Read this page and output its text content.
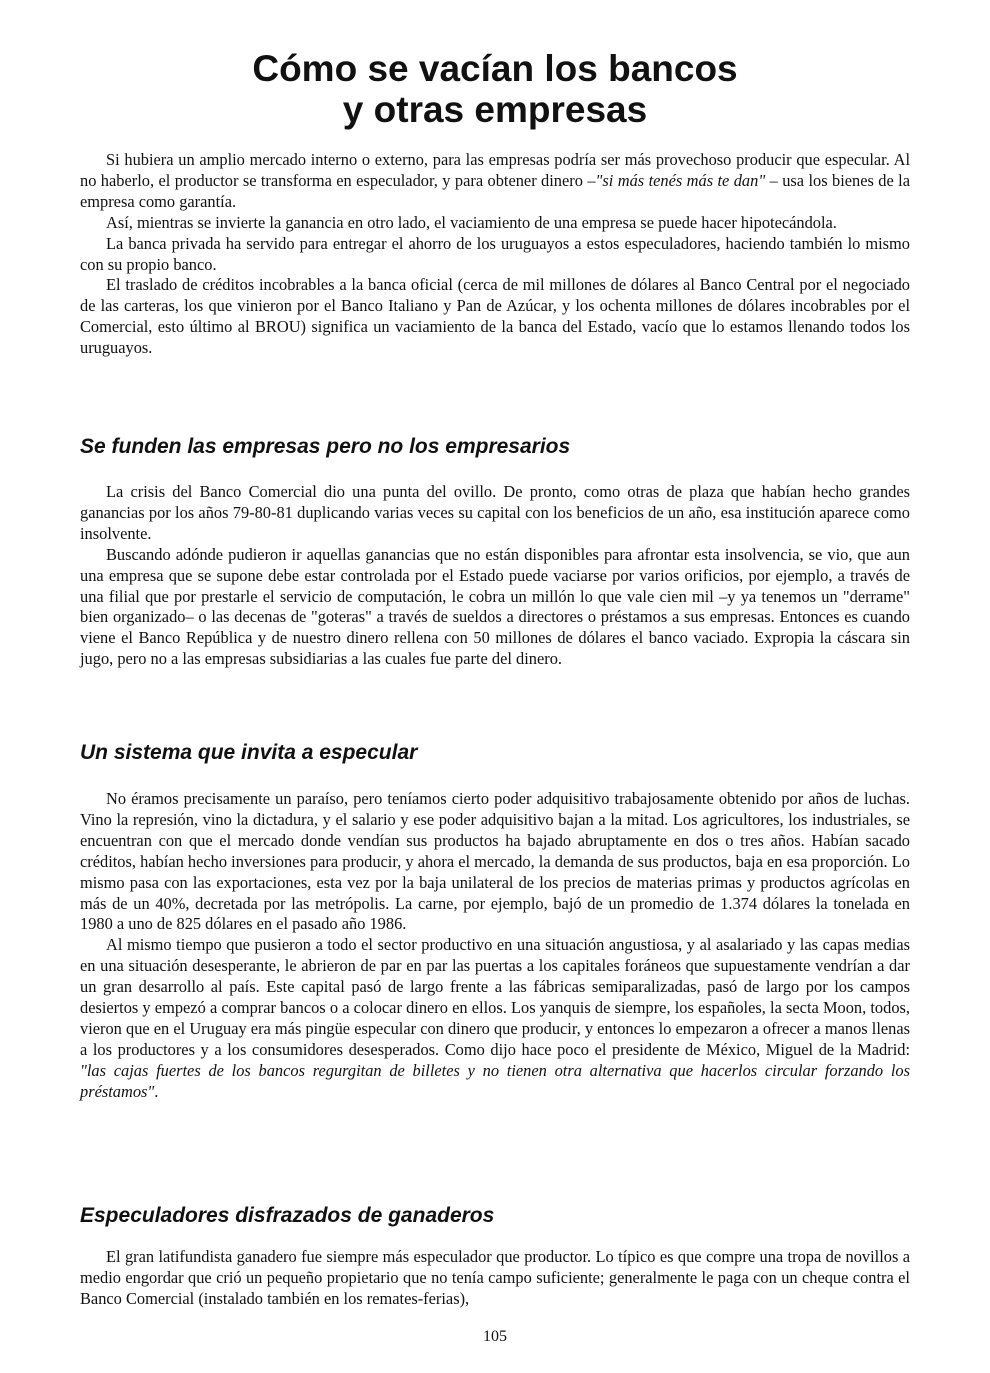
Cómo se vacían los bancos
y otras empresas

Si hubiera un amplio mercado interno o externo, para las empresas podría ser más provechoso producir que especular. Al no haberlo, el productor se transforma en especulador, y para obtener dinero –"si más tenés más te dan" – usa los bienes de la empresa como garantía.

Así, mientras se invierte la ganancia en otro lado, el vaciamiento de una empresa se puede hacer hipotecándola.

La banca privada ha servido para entregar el ahorro de los uruguayos a estos especuladores, haciendo también lo mismo con su propio banco.

El traslado de créditos incobrables a la banca oficial (cerca de mil millones de dólares al Banco Central por el negociado de las carteras, los que vinieron por el Banco Italiano y Pan de Azúcar, y los ochenta millones de dólares incobrables por el Comercial, esto último al BROU) significa un vaciamiento de la banca del Estado, vacío que lo estamos llenando todos los uruguayos.

Se funden las empresas pero no los empresarios

La crisis del Banco Comercial dio una punta del ovillo. De pronto, como otras de plaza que habían hecho grandes ganancias por los años 79-80-81 duplicando varias veces su capital con los beneficios de un año, esa institución aparece como insolvente.

Buscando adónde pudieron ir aquellas ganancias que no están disponibles para afrontar esta insolvencia, se vio, que aun una empresa que se supone debe estar controlada por el Estado puede vaciarse por varios orificios, por ejemplo, a través de una filial que por prestarle el servicio de computación, le cobra un millón lo que vale cien mil –y ya tenemos un "derrame" bien organizado– o las decenas de "goteras" a través de sueldos a directores o préstamos a sus empresas. Entonces es cuando viene el Banco República y de nuestro dinero rellena con 50 millones de dólares el banco vaciado. Expropia la cáscara sin jugo, pero no a las empresas subsidiarias a las cuales fue parte del dinero.

Un sistema que invita a especular

No éramos precisamente un paraíso, pero teníamos cierto poder adquisitivo trabajosamente obtenido por años de luchas. Vino la represión, vino la dictadura, y el salario y ese poder adquisitivo bajan a la mitad. Los agricultores, los industriales, se encuentran con que el mercado donde vendían sus productos ha bajado abruptamente en dos o tres años. Habían sacado créditos, habían hecho inversiones para producir, y ahora el mercado, la demanda de sus productos, baja en esa proporción. Lo mismo pasa con las exportaciones, esta vez por la baja unilateral de los precios de materias primas y productos agrícolas en más de un 40%, decretada por las metrópolis. La carne, por ejemplo, bajó de un promedio de 1.374 dólares la tonelada en 1980 a uno de 825 dólares en el pasado año 1986.

Al mismo tiempo que pusieron a todo el sector productivo en una situación angustiosa, y al asalariado y las capas medias en una situación desesperante, le abrieron de par en par las puertas a los capitales foráneos que supuestamente vendrían a dar un gran desarrollo al país. Este capital pasó de largo frente a las fábricas semiparalizadas, pasó de largo por los campos desiertos y empezó a comprar bancos o a colocar dinero en ellos. Los yanquis de siempre, los españoles, la secta Moon, todos, vieron que en el Uruguay era más pingüe especular con dinero que producir, y entonces lo empezaron a ofrecer a manos llenas a los productores y a los consumidores desesperados. Como dijo hace poco el presidente de México, Miguel de la Madrid: "las cajas fuertes de los bancos regurgitan de billetes y no tienen otra alternativa que hacerlos circular forzando los préstamos".

Especuladores disfrazados de ganaderos

El gran latifundista ganadero fue siempre más especulador que productor. Lo típico es que compre una tropa de novillos a medio engordar que crió un pequeño propietario que no tenía campo suficiente; generalmente le paga con un cheque contra el Banco Comercial (instalado también en los remates-ferias),

105
